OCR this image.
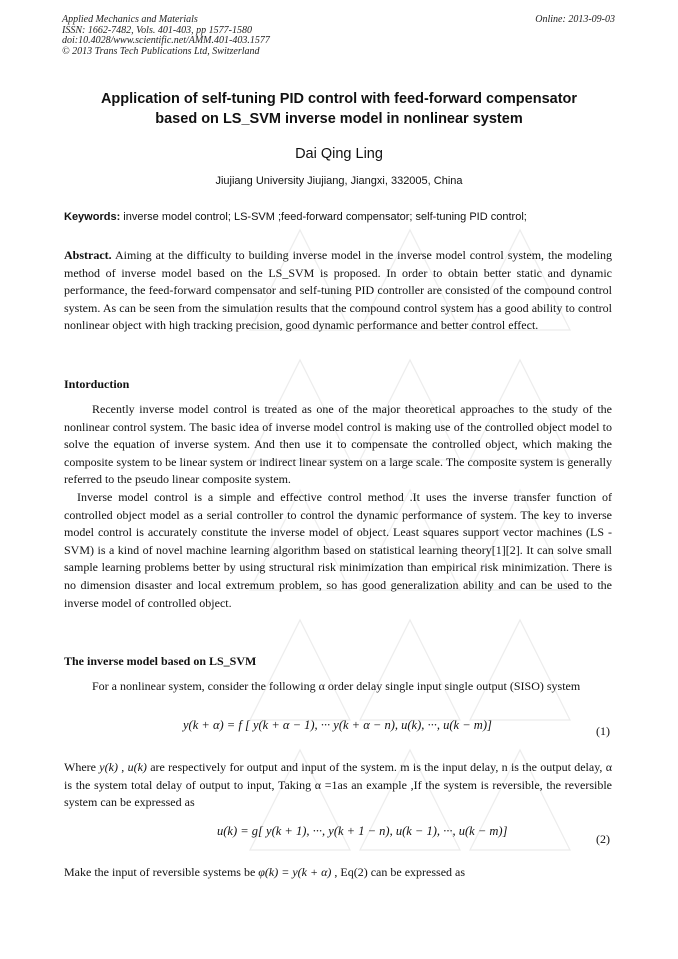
Applied Mechanics and Materials
ISSN: 1662-7482, Vols. 401-403, pp 1577-1580
doi:10.4028/www.scientific.net/AMM.401-403.1577
© 2013 Trans Tech Publications Ltd, Switzerland
Online: 2013-09-03
Application of self-tuning PID control with feed-forward compensator
based on LS_SVM inverse model in nonlinear system
Dai Qing Ling
Jiujiang University Jiujiang, Jiangxi, 332005, China
Keywords: inverse model control; LS-SVM ;feed-forward compensator; self-tuning PID control;
Abstract. Aiming at the difficulty to building inverse model in the inverse model control system, the modeling method of inverse model based on the LS_SVM is proposed. In order to obtain better static and dynamic performance, the feed-forward compensator and self-tuning PID controller are consisted of the compound control system. As can be seen from the simulation results that the compound control system has a good ability to control nonlinear object with high tracking precision, good dynamic performance and better control effect.
Intorduction
Recently inverse model control is treated as one of the major theoretical approaches to the study of the nonlinear control system. The basic idea of inverse model control is making use of the controlled object model to solve the equation of inverse system. And then use it to compensate the controlled object, which making the composite system to be linear system or indirect linear system on a large scale. The composite system is generally referred to the pseudo linear composite system.
Inverse model control is a simple and effective control method .It uses the inverse transfer function of controlled object model as a serial controller to control the dynamic performance of system. The key to inverse model control is accurately constitute the inverse model of object. Least squares support vector machines (LS - SVM) is a kind of novel machine learning algorithm based on statistical learning theory[1][2]. It can solve small sample learning problems better by using structural risk minimization than empirical risk minimization. There is no dimension disaster and local extremum problem, so has good generalization ability and can be used to the inverse model of controlled object.
The inverse model based on LS_SVM
For a nonlinear system, consider the following α order delay single input single output (SISO) system
y(k + α) = f [ y(k + α − 1), ··· y(k + α − n), u(k), ···, u(k − m)]	(1)
Where y(k) , u(k) are respectively for output and input of the system. m is the input delay, n is the output delay, α is the system total delay of output to input, Taking α =1as an example ,If the system is reversible, the reversible system can be expressed as
u(k) = g[ y(k + 1), ···, y(k + 1 − n), u(k − 1), ···, u(k − m)]
(2)
Make the input of reversible systems be φ(k) = y(k + α) , Eq(2) can be expressed as
